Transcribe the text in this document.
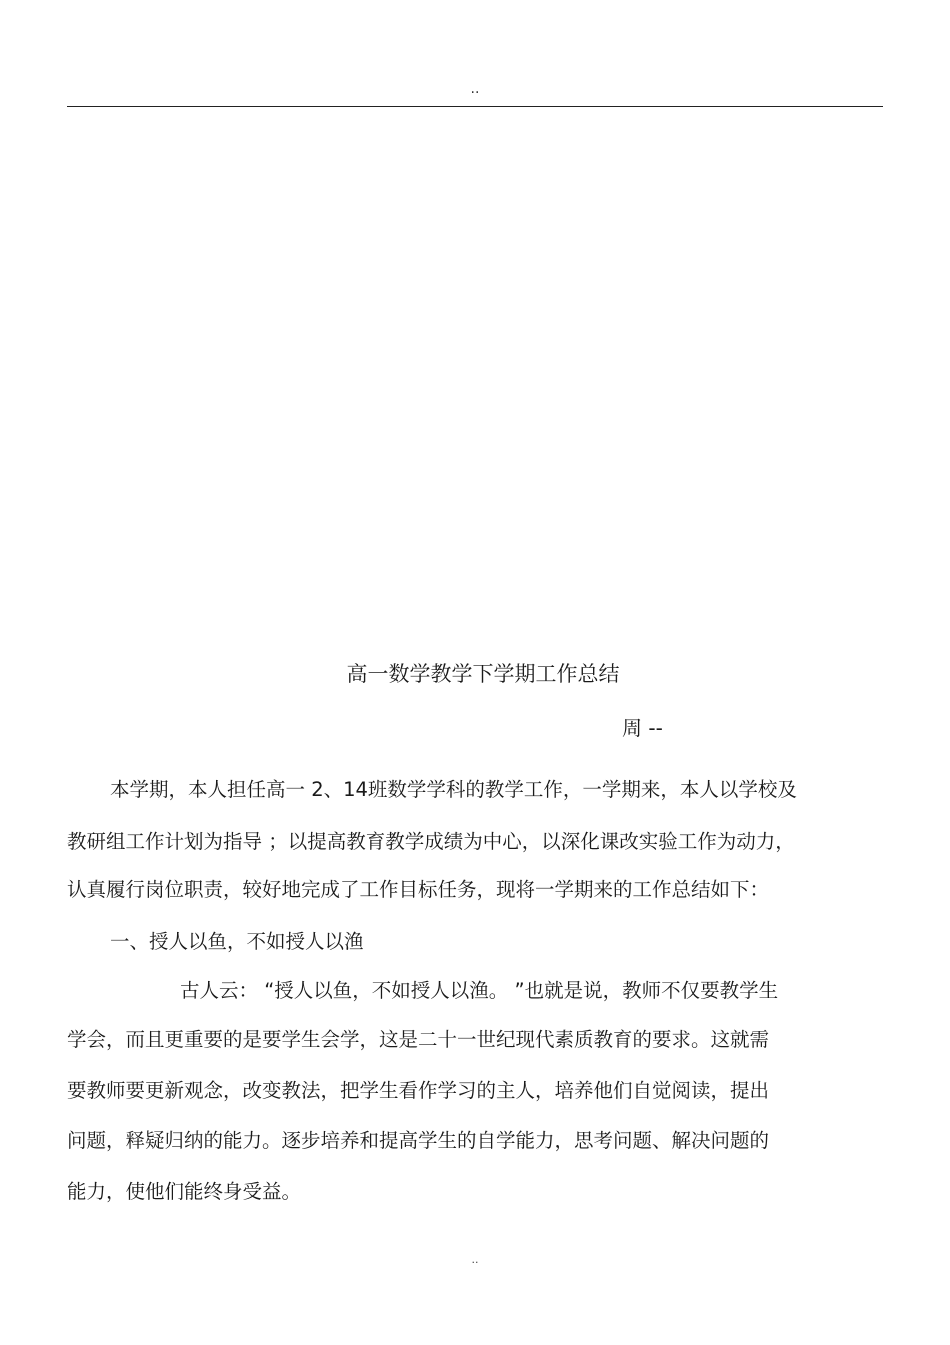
..
高一数学教学下学期工作总结
周 --
本学期，本人担任高一 2、14班数学学科的教学工作，一学期来，本人以学校及
教研组工作计划为指导 ；以提高教育教学成绩为中心，以深化课改实验工作为动力，
认真履行岗位职责，较好地完成了工作目标任务，现将一学期来的工作总结如下：
一、授人以鱼，不如授人以渔
古人云： “授人以鱼，不如授人以渔。 ”也就是说，教师不仅要教学生
学会，而且更重要的是要学生会学，这是二十一世纪现代素质教育的要求。这就需
要教师要更新观念，改变教法，把学生看作学习的主人，培养他们自觉阅读，提出
问题，释疑归纳的能力。逐步培养和提高学生的自学能力，思考问题、解决问题的
能力，使他们能终身受益。
..
